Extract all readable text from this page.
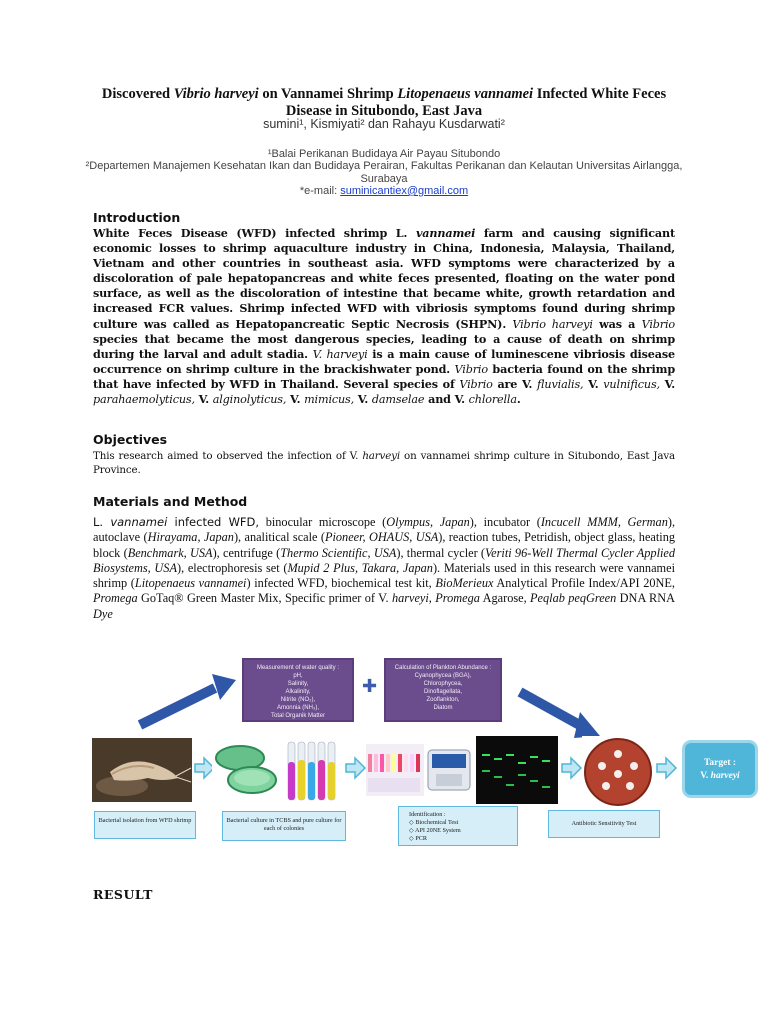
Discovered Vibrio harveyi on Vannamei Shrimp Litopenaeus vannamei Infected White Feces
Disease in Situbondo, East Java
sumini¹, Kismiyati² dan Rahayu Kusdarwati²
¹Balai Perikanan Budidaya Air Payau Situbondo
²Departemen Manajemen Kesehatan Ikan dan Budidaya Perairan, Fakultas Perikanan dan Kelautan Universitas Airlangga, Surabaya
*e-mail: suminicantiex@gmail.com
Introduction

White Feces Disease (WFD) infected shrimp L. vannamei farm and causing significant economic losses to shrimp aquaculture industry in China, Indonesia, Malaysia, Thailand, Vietnam and other countries in southeast asia. WFD symptoms were characterized by a discoloration of pale hepatopancreas and white feces presented, floating on the water pond surface, as well as the discoloration of intestine that became white, growth retardation and increased FCR values. Shrimp infected WFD with vibriosis symptoms found during shrimp culture was called as Hepatopancreatic Septic Necrosis (SHPN). Vibrio harveyi was a Vibrio species that became the most dangerous species, leading to a cause of death on shrimp during the larval and adult stadia. V. harveyi is a main cause of luminescene vibriosis disease occurrence on shrimp culture in the brackishwater pond. Vibrio bacteria found on the shrimp that have infected by WFD in Thailand. Several species of Vibrio are V. fluvialis, V. vulnificus, V. parahaemolyticus, V. alginolyticus, V. mimicus, V. damselae and V. chlorella.

Objectives

This research aimed to observed the infection of V. harveyi on vannamei shrimp culture in Situbondo, East Java Province.

Materials and Method

L. vannamei infected WFD, binocular microscope (Olympus, Japan), incubator (Incucell MMM, German), autoclave (Hirayama, Japan), analitical scale (Pioneer, OHAUS, USA), reaction tubes, Petridish, object glass, heating block (Benchmark, USA), centrifuge (Thermo Scientific, USA), thermal cycler (Veriti 96-Well Thermal Cycler Applied Biosystems, USA), electrophoresis set (Mupid 2 Plus, Takara, Japan). Materials used in this research were vannamei shrimp (Litopenaeus vannamei) infected WFD, biochemical test kit, BioMerieux Analytical Profile Index/API 20NE, Promega GoTaq® Green Master Mix, Specific primer of V. harveyi, Promega Agarose, Peqlab peqGreen DNA RNA Dye

Measurement of water quality :
pH,
Salinity,
Alkalinity,
Nitrite (NO₂),
Amonnia (NH₃),
Total Organik Matter
✚
Calculation of Plankton Abundance :
Cyanophycea (BGA),
Chlorophycea,
Dinoflagellata,
Zooflankton,
Diatom
Target :
V. harveyi
Bacterial isolation from WFD shrimp	Bacterial culture in TCBS and pure culture for each of colonies
Identification :
◇ Biochemical Test
◇ API 20NE System
◇ PCR
Antibiotic Sensitivity Test
RESULT
